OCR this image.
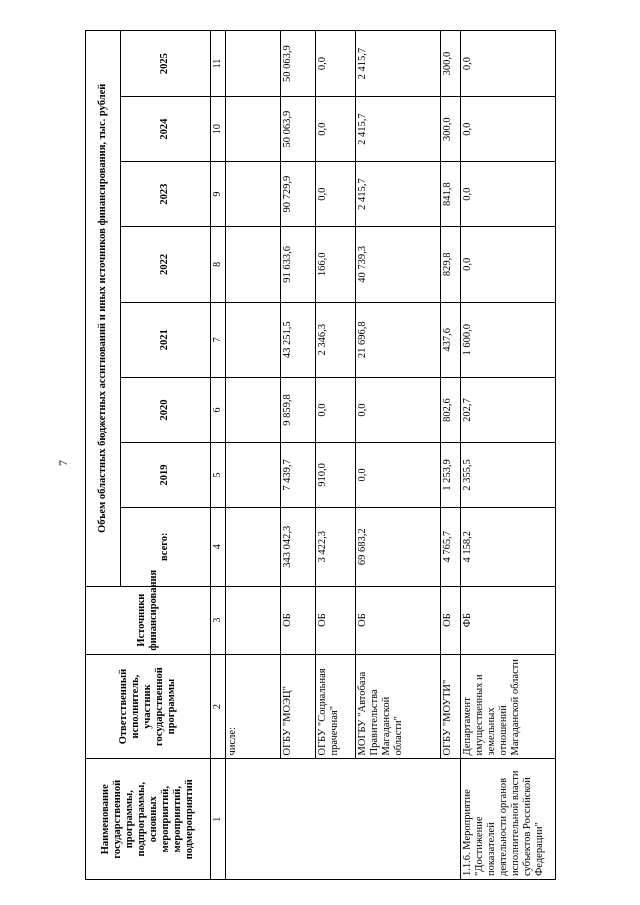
7
Наименование государственной программы, подпрограммы, основных мероприятий, мероприятий, подмероприятий	Ответственный исполнитель, участник государственной программы	Источники финансирования	Объем областных бюджетных ассигнований и иных источников финансирования, тыс. рублей							
			всего:	2019	2020	2021	2022	2023	2024	2025
1	2	3	4	5	6	7	8	9	10	11
	числе:									
	ОГБУ "МОЭЦ"	ОБ	343 042,3	7 439,7	9 859,8	43 251,5	91 633,6	90 729,9	50 063,9	50 063,9
	ОГБУ "Социальная прачечная"	ОБ	3 422,3	910,0	0,0	2 346,3	166,0	0,0	0,0	0,0
	МОГБУ "Автобаза Правительства Магаданской области"	ОБ	69 683,2	0,0	0,0	21 696,8	40 739,3	2 415,7	2 415,7	2 415,7
	ОГБУ "МОУТИ"	ОБ	4 765,7	1 253,9	802,6	437,6	829,8	841,8	300,0	300,0
1.1.6. Мероприятие "Достижение показателей деятельности органов исполнительной власти субъектов Российской Федерации"	Департамент имущественных и земельных отношений Магаданской области	ФБ	4 158,2	2 355,5	202,7	1 600,0	0,0	0,0	0,0	0,0
